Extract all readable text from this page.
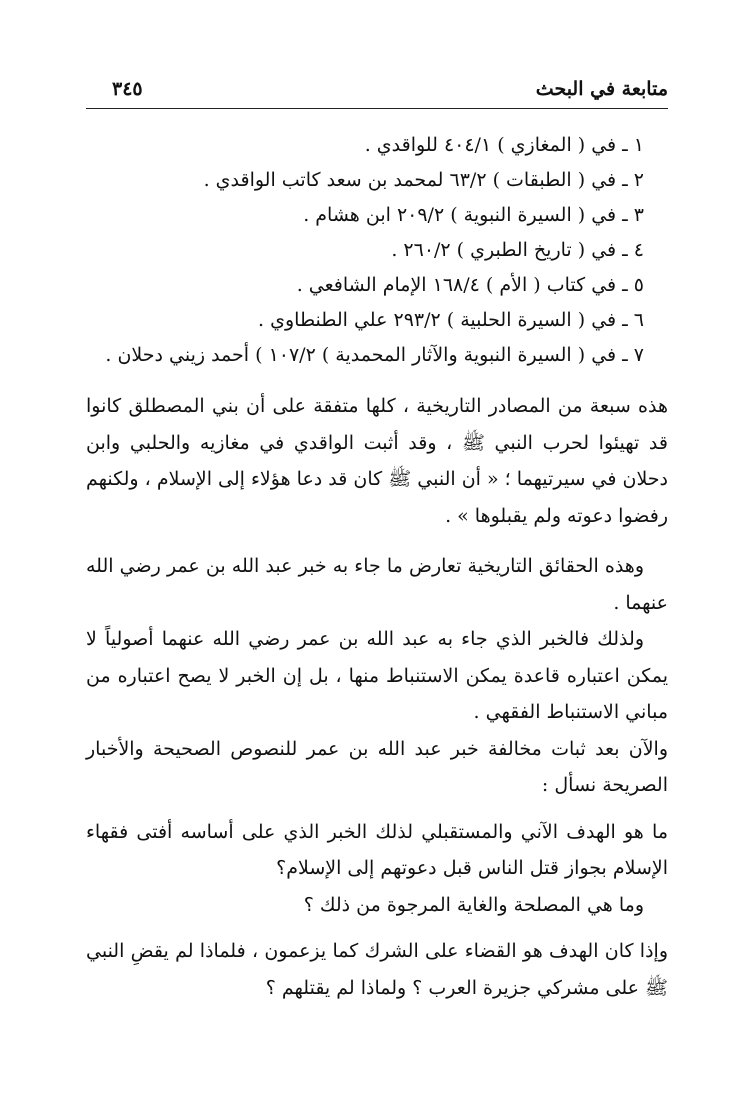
متابعة في البحث
٣٤٥
١ ـ في ( المغازي ) ٤٠٤/١ للواقدي .
٢ ـ في ( الطبقات ) ٦٣/٢ لمحمد بن سعد كاتب الواقدي .
٣ ـ في ( السيرة النبوية ) ٢٠٩/٢ ابن هشام .
٤ ـ في ( تاريخ الطبري ) ٢٦٠/٢ .
٥ ـ في كتاب ( الأم ) ١٦٨/٤ الإمام الشافعي .
٦ ـ في ( السيرة الحلبية ) ٢٩٣/٢ علي الطنطاوي .
٧ ـ في ( السيرة النبوية والآثار المحمدية ) ١٠٧/٢ ) أحمد زيني دحلان .

هذه سبعة من المصادر التاريخية ، كلها متفقة على أن بني المصطلق كانوا قد تهيئوا لحرب النبي ﷺ ، وقد أثبت الواقدي في مغازيه والحلبي وابن دحلان في سيرتيهما ؛ « أن النبي ﷺ كان قد دعا هؤلاء إلى الإسلام ، ولكنهم رفضوا دعوته ولم يقبلوها » .

وهذه الحقائق التاريخية تعارض ما جاء به خبر عبد الله بن عمر رضي الله عنهما .

ولذلك فالخبر الذي جاء به عبد الله بن عمر رضي الله عنهما أصولياً لا يمكن اعتباره قاعدة يمكن الاستنباط منها ، بل إن الخبر لا يصح اعتباره من مباني الاستنباط الفقهي .

والآن بعد ثبات مخالفة خبر عبد الله بن عمر للنصوص الصحيحة والأخبار الصريحة نسأل :

ما هو الهدف الآني والمستقبلي لذلك الخبر الذي على أساسه أفتى فقهاء الإسلام بجواز قتل الناس قبل دعوتهم إلى الإسلام؟

وما هي المصلحة والغاية المرجوة من ذلك ؟

وإذا كان الهدف هو القضاء على الشرك كما يزعمون ، فلماذا لم يقضِ النبي ﷺ على مشركي جزيرة العرب ؟ ولماذا لم يقتلهم ؟
